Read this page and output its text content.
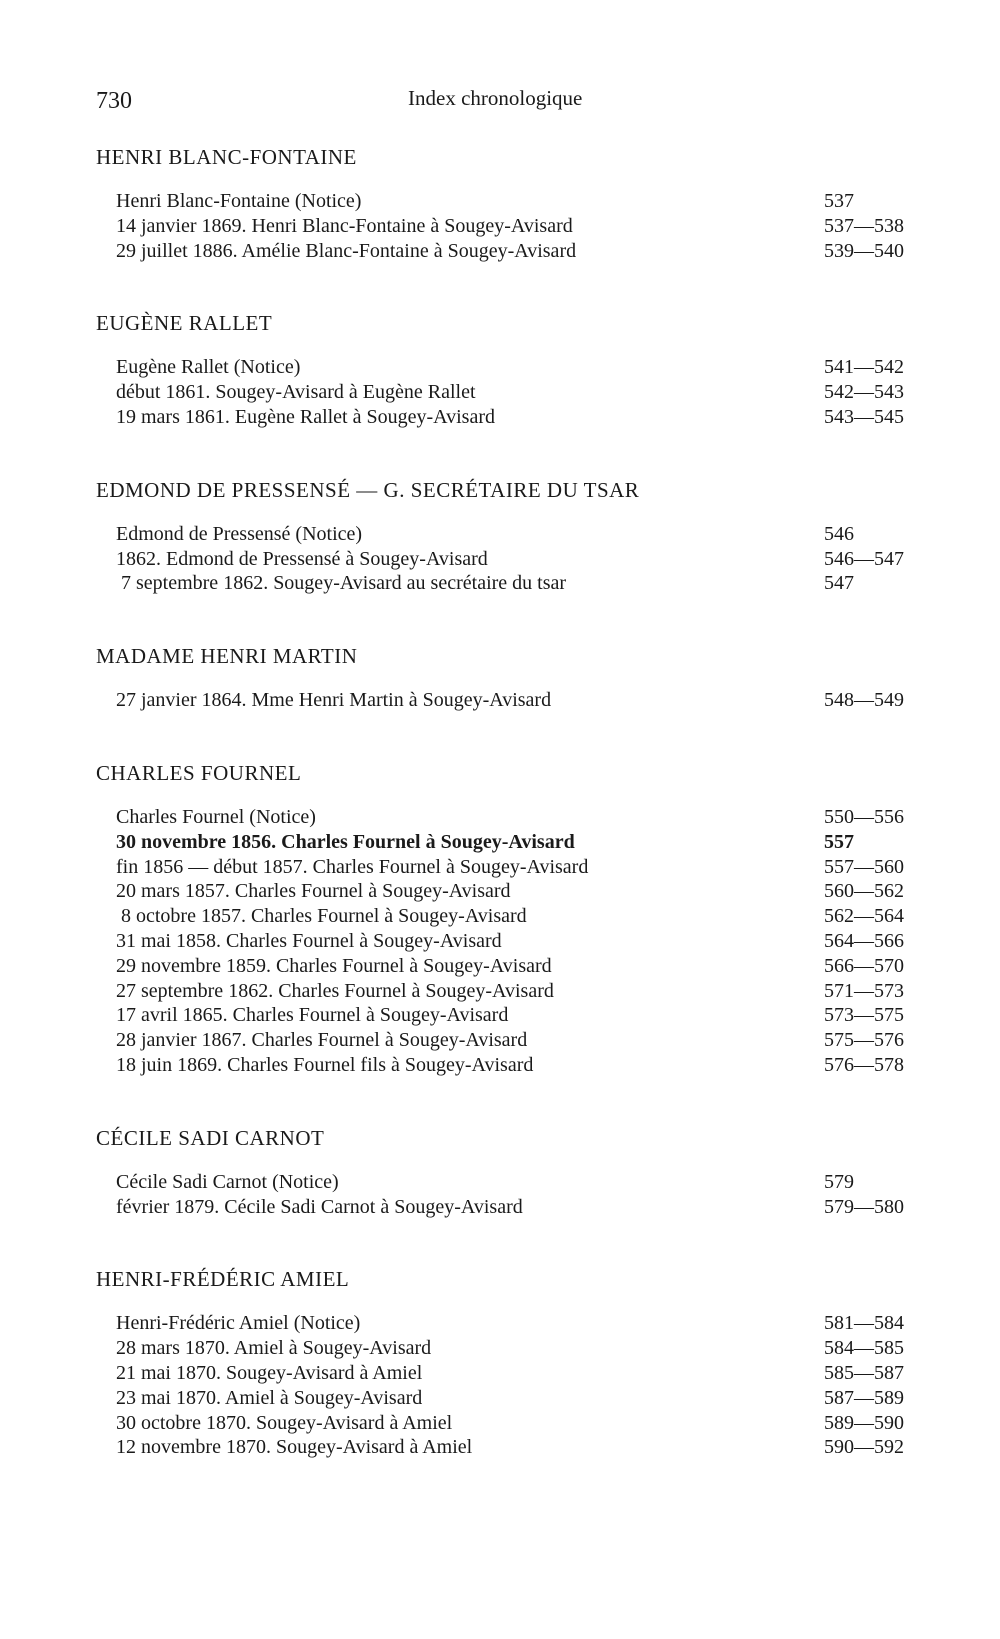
730	Index chronologique
HENRI BLANC-FONTAINE
Henri Blanc-Fontaine (Notice)	537
14 janvier 1869. Henri Blanc-Fontaine à Sougey-Avisard	537—538
29 juillet 1886. Amélie Blanc-Fontaine à Sougey-Avisard	539—540
EUGÈNE RALLET
Eugène Rallet (Notice)	541—542
début 1861. Sougey-Avisard à Eugène Rallet	542—543
19 mars 1861. Eugène Rallet à Sougey-Avisard	543—545
EDMOND DE PRESSENSÉ — G. SECRÉTAIRE DU TSAR
Edmond de Pressensé (Notice)	546
1862. Edmond de Pressensé à Sougey-Avisard	546—547
7 septembre 1862. Sougey-Avisard au secrétaire du tsar	547
MADAME HENRI MARTIN
27 janvier 1864. Mme Henri Martin à Sougey-Avisard	548—549
CHARLES FOURNEL
Charles Fournel (Notice)	550—556
30 novembre 1856. Charles Fournel à Sougey-Avisard	557
fin 1856 — début 1857. Charles Fournel à Sougey-Avisard	557—560
20 mars 1857. Charles Fournel à Sougey-Avisard	560—562
8 octobre 1857. Charles Fournel à Sougey-Avisard	562—564
31 mai 1858. Charles Fournel à Sougey-Avisard	564—566
29 novembre 1859. Charles Fournel à Sougey-Avisard	566—570
27 septembre 1862. Charles Fournel à Sougey-Avisard	571—573
17 avril 1865. Charles Fournel à Sougey-Avisard	573—575
28 janvier 1867. Charles Fournel à Sougey-Avisard	575—576
18 juin 1869. Charles Fournel fils à Sougey-Avisard	576—578
CÉCILE SADI CARNOT
Cécile Sadi Carnot (Notice)	579
février 1879. Cécile Sadi Carnot à Sougey-Avisard	579—580
HENRI-FRÉDÉRIC AMIEL
Henri-Frédéric Amiel (Notice)	581—584
28 mars 1870. Amiel à Sougey-Avisard	584—585
21 mai 1870. Sougey-Avisard à Amiel	585—587
23 mai 1870. Amiel à Sougey-Avisard	587—589
30 octobre 1870. Sougey-Avisard à Amiel	589—590
12 novembre 1870. Sougey-Avisard à Amiel	590—592
